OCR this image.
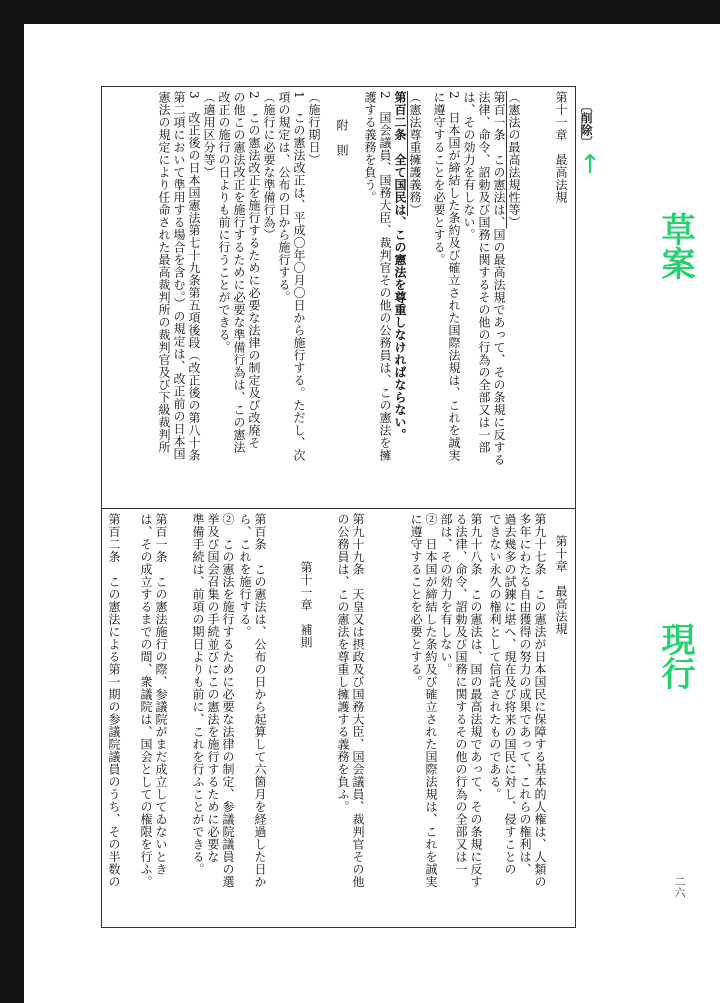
第十一章　最高法規
（憲法の最高法規性等）
第百一条　この憲法は、国の最高法規であって、その条規に反する
法律、命令、詔勅及び国務に関するその他の行為の全部又は一部
は、その効力を有しない。
2　日本国が締結した条約及び確立された国際法規は、これを誠実
に遵守することを必要とする。
（憲法尊重擁護義務）
第百二条　全て国民は、この憲法を尊重しなければならない。
2　国会議員、国務大臣、裁判官その他の公務員は、この憲法を擁
護する義務を負う。
附　則
（施行期日）
1　この憲法改正は、平成〇年〇月〇日から施行する。ただし、次
項の規定は、公布の日から施行する。
（施行に必要な準備行為）
2　この憲法改正を施行するために必要な法律の制定及び改廃そ
の他この憲法改正を施行するために必要な準備行為は、この憲法
改正の施行の日よりも前に行うことができる。
（適用区分等）
3　改正後の日本国憲法第七十九条第五項後段（改正後の第八十条
第二項において準用する場合を含む。）の規定は、改正前の日本国
憲法の規定により任命された最高裁判所の裁判官及び下級裁判所
第十章　最高法規
第九十七条　この憲法が日本国民に保障する基本的人権は、人類の
多年にわたる自由獲得の努力の成果であって、これらの権利は、
過去幾多の試錬に堪へ、現在及び将来の国民に対し、侵すことの
できない永久の権利として信託されたものである。
第九十八条　この憲法は、国の最高法規であって、その条規に反す
る法律、命令、詔勅及び国務に関するその他の行為の全部又は一
部は、その効力を有しない。
②　日本国が締結した条約及び確立された国際法規は、これを誠実
に遵守することを必要とする。
第九十九条　天皇又は摂政及び国務大臣、国会議員、裁判官その他
の公務員は、この憲法を尊重し擁護する義務を負ふ。
第十一章　補則
第百条　この憲法は、公布の日から起算して六箇月を経過した日か
ら、これを施行する。
②　この憲法を施行するために必要な法律の制定、参議院議員の選
挙及び国会召集の手続並びにこの憲法を施行するために必要な
準備手続は、前項の期日よりも前に、これを行ふことができる。
第百一条　この憲法施行の際、参議院がまだ成立してゐないとき
は、その成立するまでの間、衆議院は、国会としての権限を行ふ。
第百二条　この憲法による第一期の参議院議員のうち、その半数の
〔削除〕
↑
草案
現行
二六
